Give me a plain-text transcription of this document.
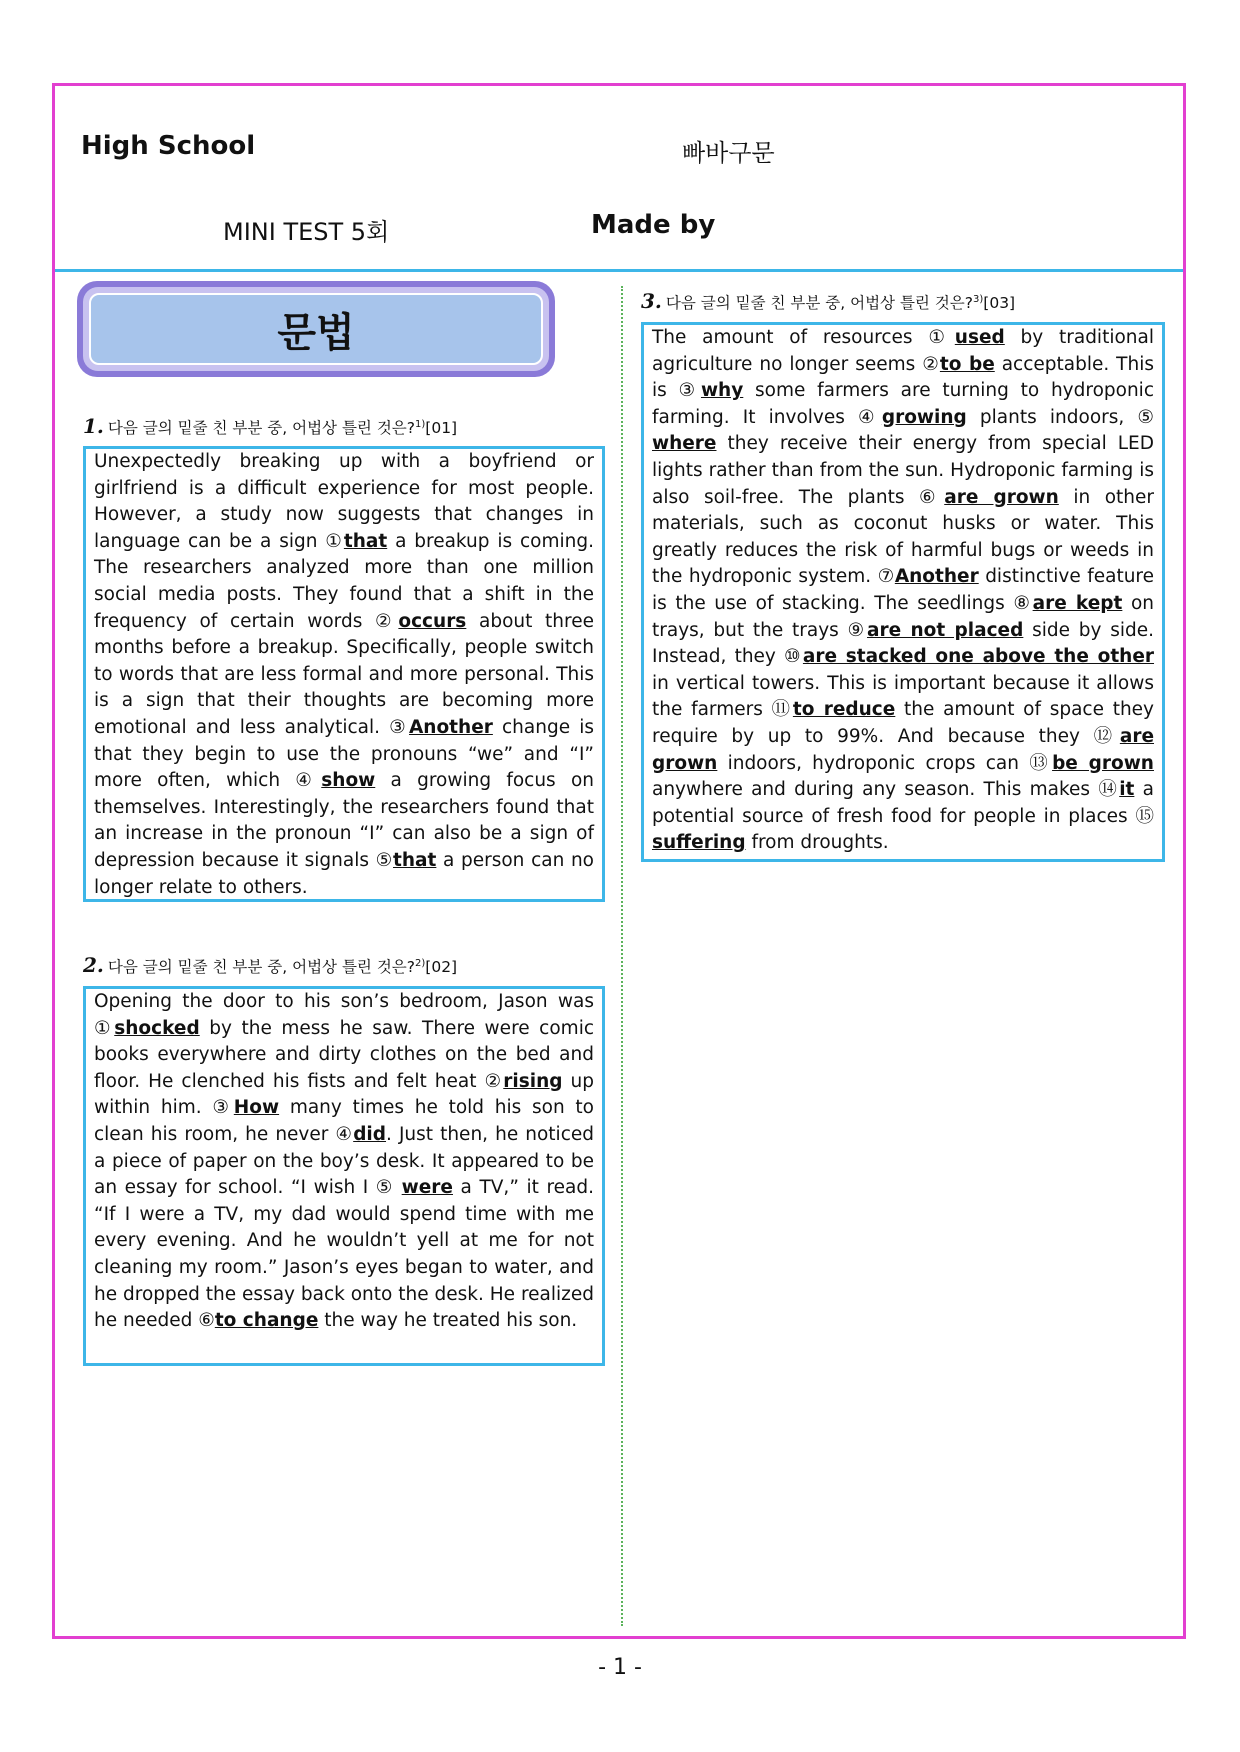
High School	빠바구문
MINI TEST 5회	Made by
문법
1. 다음 글의 밑줄 친 부분 중, 어법상 틀린 것은?$^{1)}$[01]
Unexpectedly breaking up with a boyfriend or girlfriend is a difficult experience for most people. However, a study now suggests that changes in language can be a sign ①that a breakup is coming. The researchers analyzed more than one million social media posts. They found that a shift in the frequency of certain words ②occurs about three months before a breakup. Specifically, people switch to words that are less formal and more personal. This is a sign that their thoughts are becoming more emotional and less analytical. ③Another change is that they begin to use the pronouns “we” and “I” more often, which ④show a growing focus on themselves. Interestingly, the researchers found that an increase in the pronoun “I” can also be a sign of depression because it signals ⑤that a person can no longer relate to others.
2. 다음 글의 밑줄 친 부분 중, 어법상 틀린 것은?$^{2)}$[02]
Opening the door to his son’s bedroom, Jason was ①shocked by the mess he saw. There were comic books everywhere and dirty clothes on the bed and floor. He clenched his fists and felt heat ②rising up within him. ③How many times he told his son to clean his room, he never ④did. Just then, he noticed a piece of paper on the boy’s desk. It appeared to be an essay for school. “I wish I ⑤ were a TV,” it read. “If I were a TV, my dad would spend time with me every evening. And he wouldn’t yell at me for not cleaning my room.” Jason’s eyes began to water, and he dropped the essay back onto the desk. He realized he needed ⑥to change the way he treated his son.
3. 다음 글의 밑줄 친 부분 중, 어법상 틀린 것은?$^{3)}$[03]
The amount of resources ①used by traditional agriculture no longer seems ②to be acceptable. This is ③why some farmers are turning to hydroponic farming. It involves ④growing plants indoors, ⑤ where they receive their energy from special LED lights rather than from the sun. Hydroponic farming is also soil-free. The plants ⑥are grown in other materials, such as coconut husks or water. This greatly reduces the risk of harmful bugs or weeds in the hydroponic system. ⑦Another distinctive feature is the use of stacking. The seedlings ⑧are kept on trays, but the trays ⑨are not placed side by side. Instead, they ⑩are stacked one above the other in vertical towers. This is important because it allows the farmers ⑪to reduce the amount of space they require by up to 99%. And because they ⑫are grown indoors, hydroponic crops can ⑬be grown anywhere and during any season. This makes ⑭it a potential source of fresh food for people in places ⑮ suffering from droughts.
- 1 -
